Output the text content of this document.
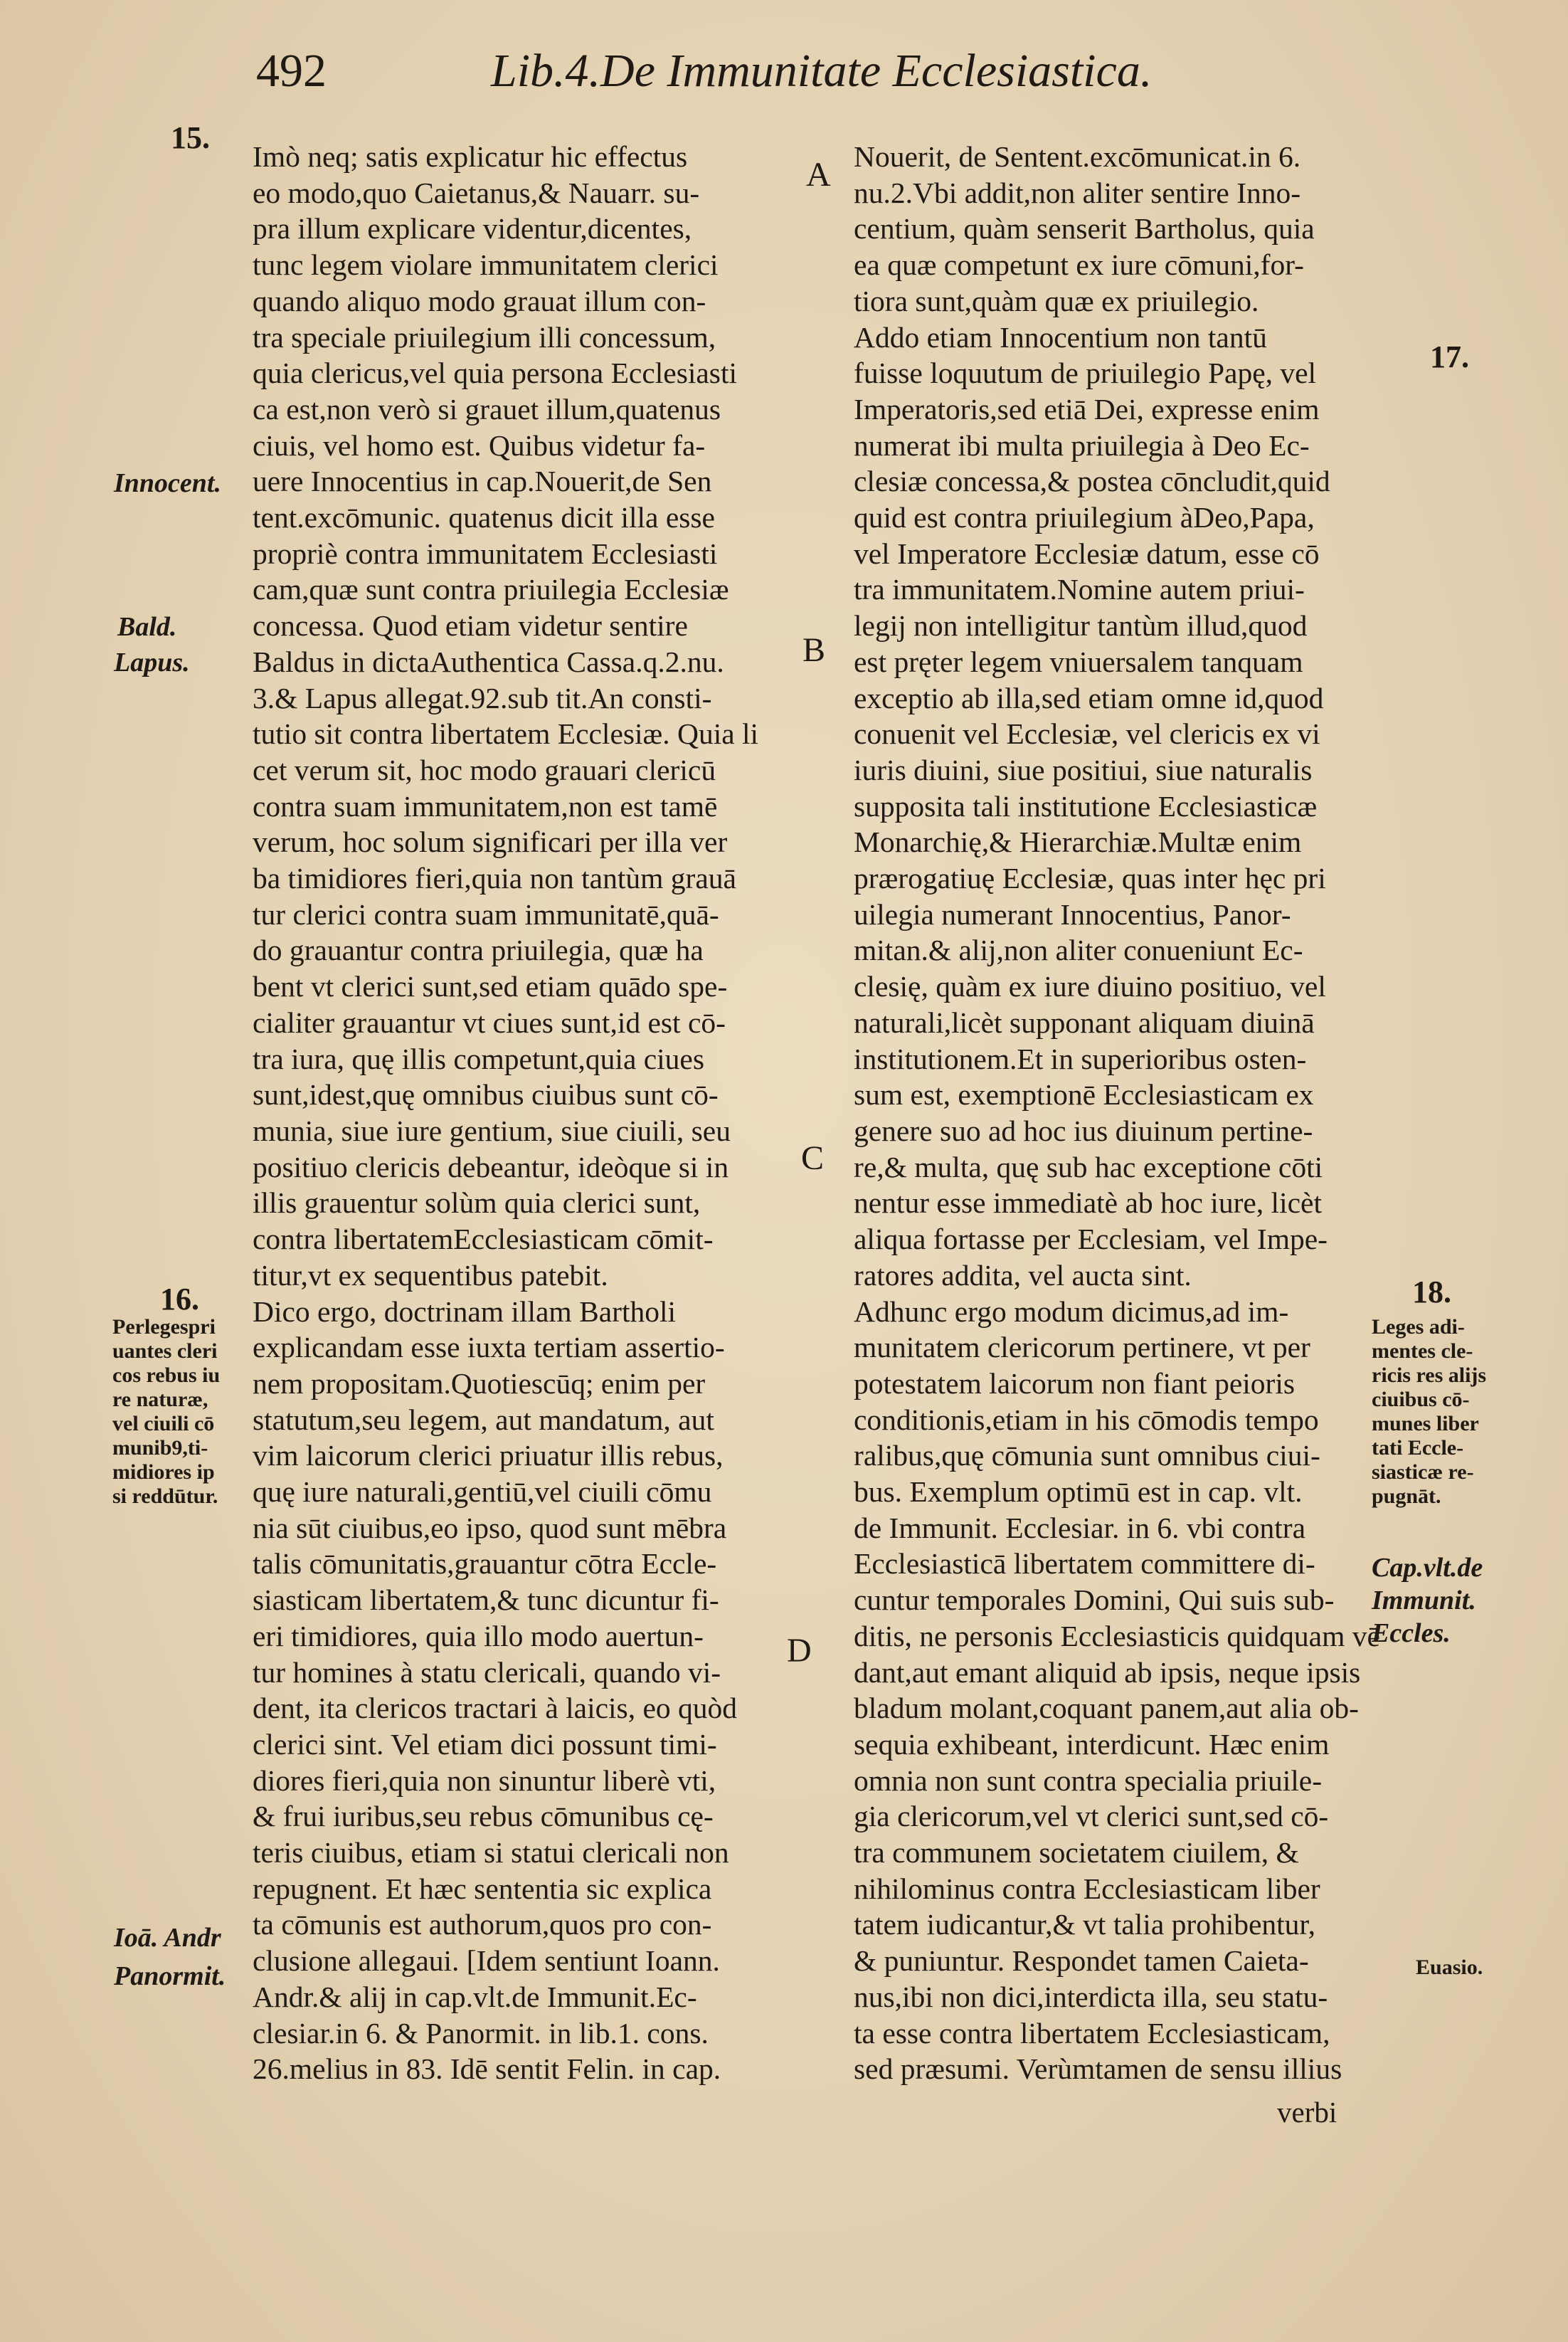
492	Lib.4.De Immunitate Ecclesiastica.
15.
16.
17.
18.
A
B
C
D
Innocent.
Bald.
Lapus.
Perlegespri
uantes cleri
cos rebus iu
re naturæ,
vel ciuili cō
munib9,ti-
midiores ip
si reddūtur.
Ioā. Andr
Panormit.
Leges adi-
mentes cle-
ricis res alijs
ciuibus cō-
munes liber
tati Eccle-
siasticæ re-
pugnāt.
Cap.vlt.de
Immunit.
Eccles.
Euasio.
Imò neq; satis explicatur hic effectus
eo modo,quo Caietanus,& Nauarr. su-
pra illum explicare videntur,dicentes,
tunc legem violare immunitatem clerici
quando aliquo modo grauat illum con-
tra speciale priuilegium illi concessum,
quia clericus,vel quia persona Ecclesiasti
ca est,non verò si grauet illum,quatenus
ciuis, vel homo est. Quibus videtur fa-
uere Innocentius in cap.Nouerit,de Sen
tent.excōmunic. quatenus dicit illa esse
propriè contra immunitatem Ecclesiasti
cam,quæ sunt contra priuilegia Ecclesiæ
concessa. Quod etiam videtur sentire
Baldus in dictaAuthentica Cassa.q.2.nu.
3.& Lapus allegat.92.sub tit.An consti-
tutio sit contra libertatem Ecclesiæ. Quia li
cet verum sit, hoc modo grauari clericū
contra suam immunitatem,non est tamē
verum, hoc solum significari per illa ver
ba timidiores fieri,quia non tantùm grauā
tur clerici contra suam immunitatē,quā-
do grauantur contra priuilegia, quæ ha
bent vt clerici sunt,sed etiam quādo spe-
cialiter grauantur vt ciues sunt,id est cō-
tra iura, quę illis competunt,quia ciues
sunt,idest,quę omnibus ciuibus sunt cō-
munia, siue iure gentium, siue ciuili, seu
positiuo clericis debeantur, ideòque si in
illis grauentur solùm quia clerici sunt,
contra libertatemEcclesiasticam cōmit-
titur,vt ex sequentibus patebit.
Dico ergo, doctrinam illam Bartholi
explicandam esse iuxta tertiam assertio-
nem propositam.Quotiescūq; enim per
statutum,seu legem, aut mandatum, aut
vim laicorum clerici priuatur illis rebus,
quę iure naturali,gentiū,vel ciuili cōmu
nia sūt ciuibus,eo ipso, quod sunt mēbra
talis cōmunitatis,grauantur cōtra Eccle-
siasticam libertatem,& tunc dicuntur fi-
eri timidiores, quia illo modo auertun-
tur homines à statu clericali, quando vi-
dent, ita clericos tractari à laicis, eo quòd
clerici sint. Vel etiam dici possunt timi-
diores fieri,quia non sinuntur liberè vti,
& frui iuribus,seu rebus cōmunibus cę-
teris ciuibus, etiam si statui clericali non
repugnent. Et hæc sententia sic explica
ta cōmunis est authorum,quos pro con-
clusione allegaui. [Idem sentiunt Ioann.
Andr.& alij in cap.vlt.de Immunit.Ec-
clesiar.in 6. & Panormit. in lib.1. cons.
26.melius in 83. Idē sentit Felin. in cap.
Nouerit, de Sentent.excōmunicat.in 6.
nu.2.Vbi addit,non aliter sentire Inno-
centium, quàm senserit Bartholus, quia
ea quæ competunt ex iure cōmuni,for-
tiora sunt,quàm quæ ex priuilegio.
Addo etiam Innocentium non tantū
fuisse loquutum de priuilegio Papę, vel
Imperatoris,sed etiā Dei, expresse enim
numerat ibi multa priuilegia à Deo Ec-
clesiæ concessa,& postea cōncludit,quid
quid est contra priuilegium àDeo,Papa,
vel Imperatore Ecclesiæ datum, esse cō
tra immunitatem.Nomine autem priui-
legij non intelligitur tantùm illud,quod
est pręter legem vniuersalem tanquam
exceptio ab illa,sed etiam omne id,quod
conuenit vel Ecclesiæ, vel clericis ex vi
iuris diuini, siue positiui, siue naturalis
supposita tali institutione Ecclesiasticæ
Monarchię,& Hierarchiæ.Multæ enim
prærogatiuę Ecclesiæ, quas inter hęc pri
uilegia numerant Innocentius, Panor-
mitan.& alij,non aliter conueniunt Ec-
clesię, quàm ex iure diuino positiuo, vel
naturali,licèt supponant aliquam diuinā
institutionem.Et in superioribus osten-
sum est, exemptionē Ecclesiasticam ex
genere suo ad hoc ius diuinum pertine-
re,& multa, quę sub hac exceptione cōti
nentur esse immediatè ab hoc iure, licèt
aliqua fortasse per Ecclesiam, vel Impe-
ratores addita, vel aucta sint.
Adhunc ergo modum dicimus,ad im-
munitatem clericorum pertinere, vt per
potestatem laicorum non fiant peioris
conditionis,etiam in his cōmodis tempo
ralibus,quę cōmunia sunt omnibus ciui-
bus. Exemplum optimū est in cap. vlt.
de Immunit. Ecclesiar. in 6. vbi contra
Ecclesiasticā libertatem committere di-
cuntur temporales Domini, Qui suis sub-
ditis, ne personis Ecclesiasticis quidquam vē
dant,aut emant aliquid ab ipsis, neque ipsis
bladum molant,coquant panem,aut alia ob-
sequia exhibeant, interdicunt. Hæc enim
omnia non sunt contra specialia priuile-
gia clericorum,vel vt clerici sunt,sed cō-
tra communem societatem ciuilem, &
nihilominus contra Ecclesiasticam liber
tatem iudicantur,& vt talia prohibentur,
& puniuntur. Respondet tamen Caieta-
nus,ibi non dici,interdicta illa, seu statu-
ta esse contra libertatem Ecclesiasticam,
sed præsumi. Verùmtamen de sensu illius
verbi
